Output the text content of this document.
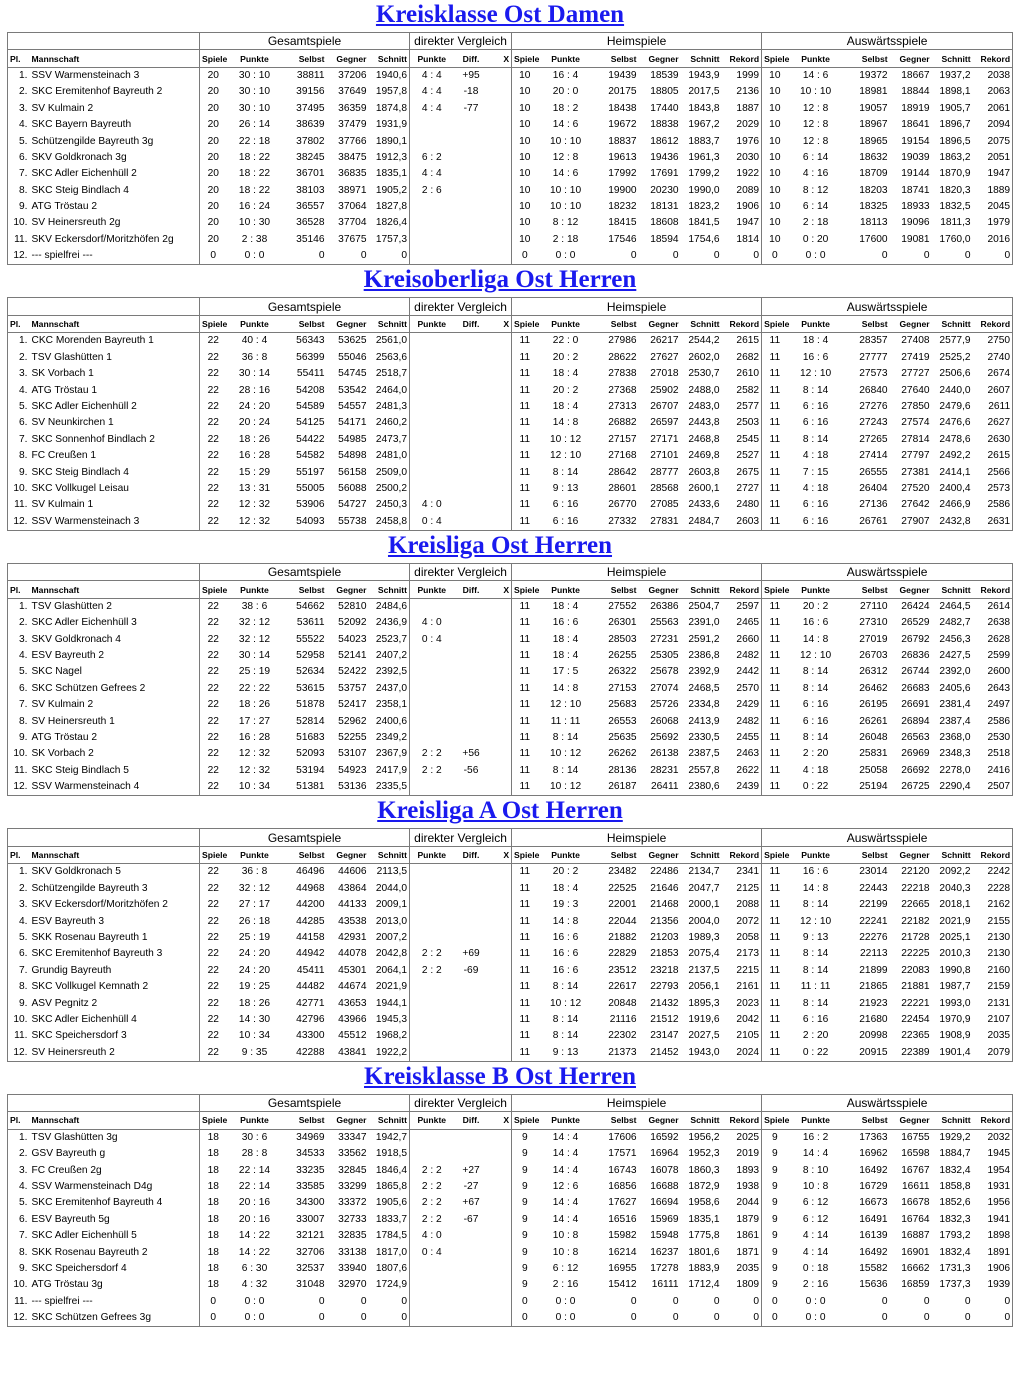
Kreisklasse Ost Damen
		Gesamtspiele					direkter Vergleich			Heimspiele						Auswärtsspiele					
Pl.	Mannschaft	Spiele	Punkte	Selbst	Gegner	Schnitt	Punkte	Diff.	X	Spiele	Punkte	Selbst	Gegner	Schnitt	Rekord	Spiele	Punkte	Selbst	Gegner	Schnitt	Rekord
1.	SSV Warmensteinach 3	20	30 : 10	38811	37206	1940,6	4 : 4	+95		10	16 : 4	19439	18539	1943,9	1999	10	14 : 6	19372	18667	1937,2	2038
2.	SKC Eremitenhof Bayreuth 2	20	30 : 10	39156	37649	1957,8	4 : 4	-18		10	20 : 0	20175	18805	2017,5	2136	10	10 : 10	18981	18844	1898,1	2063
3.	SV Kulmain 2	20	30 : 10	37495	36359	1874,8	4 : 4	-77		10	18 : 2	18438	17440	1843,8	1887	10	12 : 8	19057	18919	1905,7	2061
4.	SKC Bayern Bayreuth	20	26 : 14	38639	37479	1931,9				10	14 : 6	19672	18838	1967,2	2029	10	12 : 8	18967	18641	1896,7	2094
5.	Schützengilde Bayreuth 3g	20	22 : 18	37802	37766	1890,1				10	10 : 10	18837	18612	1883,7	1976	10	12 : 8	18965	19154	1896,5	2075
6.	SKV Goldkronach 3g	20	18 : 22	38245	38475	1912,3	6 : 2			10	12 : 8	19613	19436	1961,3	2030	10	6 : 14	18632	19039	1863,2	2051
7.	SKC Adler Eichenhüll 2	20	18 : 22	36701	36835	1835,1	4 : 4			10	14 : 6	17992	17691	1799,2	1922	10	4 : 16	18709	19144	1870,9	1947
8.	SKC Steig Bindlach 4	20	18 : 22	38103	38971	1905,2	2 : 6			10	10 : 10	19900	20230	1990,0	2089	10	8 : 12	18203	18741	1820,3	1889
9.	ATG Tröstau 2	20	16 : 24	36557	37064	1827,8				10	10 : 10	18232	18131	1823,2	1906	10	6 : 14	18325	18933	1832,5	2045
10.	SV Heinersreuth 2g	20	10 : 30	36528	37704	1826,4				10	8 : 12	18415	18608	1841,5	1947	10	2 : 18	18113	19096	1811,3	1979
11.	SKV Eckersdorf/Moritzhöfen 2g	20	2 : 38	35146	37675	1757,3				10	2 : 18	17546	18594	1754,6	1814	10	0 : 20	17600	19081	1760,0	2016
12.	--- spielfrei ---	0	0 : 0	0	0	0				0	0 : 0	0	0	0	0	0	0 : 0	0	0	0	0
Kreisoberliga Ost Herren
		Gesamtspiele					direkter Vergleich			Heimspiele						Auswärtsspiele					
Pl.	Mannschaft	Spiele	Punkte	Selbst	Gegner	Schnitt	Punkte	Diff.	X	Spiele	Punkte	Selbst	Gegner	Schnitt	Rekord	Spiele	Punkte	Selbst	Gegner	Schnitt	Rekord
1.	CKC Morenden Bayreuth 1	22	40 : 4	56343	53625	2561,0				11	22 : 0	27986	26217	2544,2	2615	11	18 : 4	28357	27408	2577,9	2750
2.	TSV Glashütten 1	22	36 : 8	56399	55046	2563,6				11	20 : 2	28622	27627	2602,0	2682	11	16 : 6	27777	27419	2525,2	2740
3.	SK Vorbach 1	22	30 : 14	55411	54745	2518,7				11	18 : 4	27838	27018	2530,7	2610	11	12 : 10	27573	27727	2506,6	2674
4.	ATG Tröstau 1	22	28 : 16	54208	53542	2464,0				11	20 : 2	27368	25902	2488,0	2582	11	8 : 14	26840	27640	2440,0	2607
5.	SKC Adler Eichenhüll 2	22	24 : 20	54589	54557	2481,3				11	18 : 4	27313	26707	2483,0	2577	11	6 : 16	27276	27850	2479,6	2611
6.	SV Neunkirchen 1	22	20 : 24	54125	54171	2460,2				11	14 : 8	26882	26597	2443,8	2503	11	6 : 16	27243	27574	2476,6	2627
7.	SKC Sonnenhof Bindlach 2	22	18 : 26	54422	54985	2473,7				11	10 : 12	27157	27171	2468,8	2545	11	8 : 14	27265	27814	2478,6	2630
8.	FC Creußen 1	22	16 : 28	54582	54898	2481,0				11	12 : 10	27168	27101	2469,8	2527	11	4 : 18	27414	27797	2492,2	2615
9.	SKC Steig Bindlach 4	22	15 : 29	55197	56158	2509,0				11	8 : 14	28642	28777	2603,8	2675	11	7 : 15	26555	27381	2414,1	2566
10.	SKC Vollkugel Leisau	22	13 : 31	55005	56088	2500,2				11	9 : 13	28601	28568	2600,1	2727	11	4 : 18	26404	27520	2400,4	2573
11.	SV Kulmain 1	22	12 : 32	53906	54727	2450,3	4 : 0			11	6 : 16	26770	27085	2433,6	2480	11	6 : 16	27136	27642	2466,9	2586
12.	SSV Warmensteinach 3	22	12 : 32	54093	55738	2458,8	0 : 4			11	6 : 16	27332	27831	2484,7	2603	11	6 : 16	26761	27907	2432,8	2631
Kreisliga Ost Herren
		Gesamtspiele					direkter Vergleich			Heimspiele						Auswärtsspiele					
Pl.	Mannschaft	Spiele	Punkte	Selbst	Gegner	Schnitt	Punkte	Diff.	X	Spiele	Punkte	Selbst	Gegner	Schnitt	Rekord	Spiele	Punkte	Selbst	Gegner	Schnitt	Rekord
1.	TSV Glashütten 2	22	38 : 6	54662	52810	2484,6				11	18 : 4	27552	26386	2504,7	2597	11	20 : 2	27110	26424	2464,5	2614
2.	SKC Adler Eichenhüll 3	22	32 : 12	53611	52092	2436,9	4 : 0			11	16 : 6	26301	25563	2391,0	2465	11	16 : 6	27310	26529	2482,7	2638
3.	SKV Goldkronach 4	22	32 : 12	55522	54023	2523,7	0 : 4			11	18 : 4	28503	27231	2591,2	2660	11	14 : 8	27019	26792	2456,3	2628
4.	ESV Bayreuth 2	22	30 : 14	52958	52141	2407,2				11	18 : 4	26255	25305	2386,8	2482	11	12 : 10	26703	26836	2427,5	2599
5.	SKC Nagel	22	25 : 19	52634	52422	2392,5				11	17 : 5	26322	25678	2392,9	2442	11	8 : 14	26312	26744	2392,0	2600
6.	SKC Schützen Gefrees 2	22	22 : 22	53615	53757	2437,0				11	14 : 8	27153	27074	2468,5	2570	11	8 : 14	26462	26683	2405,6	2643
7.	SV Kulmain 2	22	18 : 26	51878	52417	2358,1				11	12 : 10	25683	25726	2334,8	2429	11	6 : 16	26195	26691	2381,4	2497
8.	SV Heinersreuth 1	22	17 : 27	52814	52962	2400,6				11	11 : 11	26553	26068	2413,9	2482	11	6 : 16	26261	26894	2387,4	2586
9.	ATG Tröstau 2	22	16 : 28	51683	52255	2349,2				11	8 : 14	25635	25692	2330,5	2455	11	8 : 14	26048	26563	2368,0	2530
10.	SK Vorbach 2	22	12 : 32	52093	53107	2367,9	2 : 2	+56		11	10 : 12	26262	26138	2387,5	2463	11	2 : 20	25831	26969	2348,3	2518
11.	SKC Steig Bindlach 5	22	12 : 32	53194	54923	2417,9	2 : 2	-56		11	8 : 14	28136	28231	2557,8	2622	11	4 : 18	25058	26692	2278,0	2416
12.	SSV Warmensteinach 4	22	10 : 34	51381	53136	2335,5				11	10 : 12	26187	26411	2380,6	2439	11	0 : 22	25194	26725	2290,4	2507
Kreisliga A Ost Herren
		Gesamtspiele					direkter Vergleich			Heimspiele						Auswärtsspiele					
Pl.	Mannschaft	Spiele	Punkte	Selbst	Gegner	Schnitt	Punkte	Diff.	X	Spiele	Punkte	Selbst	Gegner	Schnitt	Rekord	Spiele	Punkte	Selbst	Gegner	Schnitt	Rekord
1.	SKV Goldkronach 5	22	36 : 8	46496	44606	2113,5				11	20 : 2	23482	22486	2134,7	2341	11	16 : 6	23014	22120	2092,2	2242
2.	Schützengilde Bayreuth 3	22	32 : 12	44968	43864	2044,0				11	18 : 4	22525	21646	2047,7	2125	11	14 : 8	22443	22218	2040,3	2228
3.	SKV Eckersdorf/Moritzhöfen 2	22	27 : 17	44200	44133	2009,1				11	19 : 3	22001	21468	2000,1	2088	11	8 : 14	22199	22665	2018,1	2162
4.	ESV Bayreuth 3	22	26 : 18	44285	43538	2013,0				11	14 : 8	22044	21356	2004,0	2072	11	12 : 10	22241	22182	2021,9	2155
5.	SKK Rosenau Bayreuth 1	22	25 : 19	44158	42931	2007,2				11	16 : 6	21882	21203	1989,3	2058	11	9 : 13	22276	21728	2025,1	2130
6.	SKC Eremitenhof Bayreuth 3	22	24 : 20	44942	44078	2042,8	2 : 2	+69		11	16 : 6	22829	21853	2075,4	2173	11	8 : 14	22113	22225	2010,3	2130
7.	Grundig Bayreuth	22	24 : 20	45411	45301	2064,1	2 : 2	-69		11	16 : 6	23512	23218	2137,5	2215	11	8 : 14	21899	22083	1990,8	2160
8.	SKC Vollkugel Kemnath 2	22	19 : 25	44482	44674	2021,9				11	8 : 14	22617	22793	2056,1	2161	11	11 : 11	21865	21881	1987,7	2159
9.	ASV Pegnitz 2	22	18 : 26	42771	43653	1944,1				11	10 : 12	20848	21432	1895,3	2023	11	8 : 14	21923	22221	1993,0	2131
10.	SKC Adler Eichenhüll 4	22	14 : 30	42796	43966	1945,3				11	8 : 14	21116	21512	1919,6	2042	11	6 : 16	21680	22454	1970,9	2107
11.	SKC Speichersdorf 3	22	10 : 34	43300	45512	1968,2				11	8 : 14	22302	23147	2027,5	2105	11	2 : 20	20998	22365	1908,9	2035
12.	SV Heinersreuth 2	22	9 : 35	42288	43841	1922,2				11	9 : 13	21373	21452	1943,0	2024	11	0 : 22	20915	22389	1901,4	2079
Kreisklasse B Ost Herren
		Gesamtspiele					direkter Vergleich			Heimspiele						Auswärtsspiele					
Pl.	Mannschaft	Spiele	Punkte	Selbst	Gegner	Schnitt	Punkte	Diff.	X	Spiele	Punkte	Selbst	Gegner	Schnitt	Rekord	Spiele	Punkte	Selbst	Gegner	Schnitt	Rekord
1.	TSV Glashütten 3g	18	30 : 6	34969	33347	1942,7				9	14 : 4	17606	16592	1956,2	2025	9	16 : 2	17363	16755	1929,2	2032
2.	GSV Bayreuth g	18	28 : 8	34533	33562	1918,5				9	14 : 4	17571	16964	1952,3	2019	9	14 : 4	16962	16598	1884,7	1945
3.	FC Creußen 2g	18	22 : 14	33235	32845	1846,4	2 : 2	+27		9	14 : 4	16743	16078	1860,3	1893	9	8 : 10	16492	16767	1832,4	1954
4.	SSV Warmensteinach D4g	18	22 : 14	33585	33299	1865,8	2 : 2	-27		9	12 : 6	16856	16688	1872,9	1938	9	10 : 8	16729	16611	1858,8	1931
5.	SKC Eremitenhof Bayreuth 4	18	20 : 16	34300	33372	1905,6	2 : 2	+67		9	14 : 4	17627	16694	1958,6	2044	9	6 : 12	16673	16678	1852,6	1956
6.	ESV Bayreuth 5g	18	20 : 16	33007	32733	1833,7	2 : 2	-67		9	14 : 4	16516	15969	1835,1	1879	9	6 : 12	16491	16764	1832,3	1941
7.	SKC Adler Eichenhüll 5	18	14 : 22	32121	32835	1784,5	4 : 0			9	10 : 8	15982	15948	1775,8	1861	9	4 : 14	16139	16887	1793,2	1898
8.	SKK Rosenau Bayreuth 2	18	14 : 22	32706	33138	1817,0	0 : 4			9	10 : 8	16214	16237	1801,6	1871	9	4 : 14	16492	16901	1832,4	1891
9.	SKC Speichersdorf 4	18	6 : 30	32537	33940	1807,6				9	6 : 12	16955	17278	1883,9	2035	9	0 : 18	15582	16662	1731,3	1906
10.	ATG Tröstau 3g	18	4 : 32	31048	32970	1724,9				9	2 : 16	15412	16111	1712,4	1809	9	2 : 16	15636	16859	1737,3	1939
11.	--- spielfrei ---	0	0 : 0	0	0	0				0	0 : 0	0	0	0	0	0	0 : 0	0	0	0	0
12.	SKC Schützen Gefrees 3g	0	0 : 0	0	0	0				0	0 : 0	0	0	0	0	0	0 : 0	0	0	0	0
